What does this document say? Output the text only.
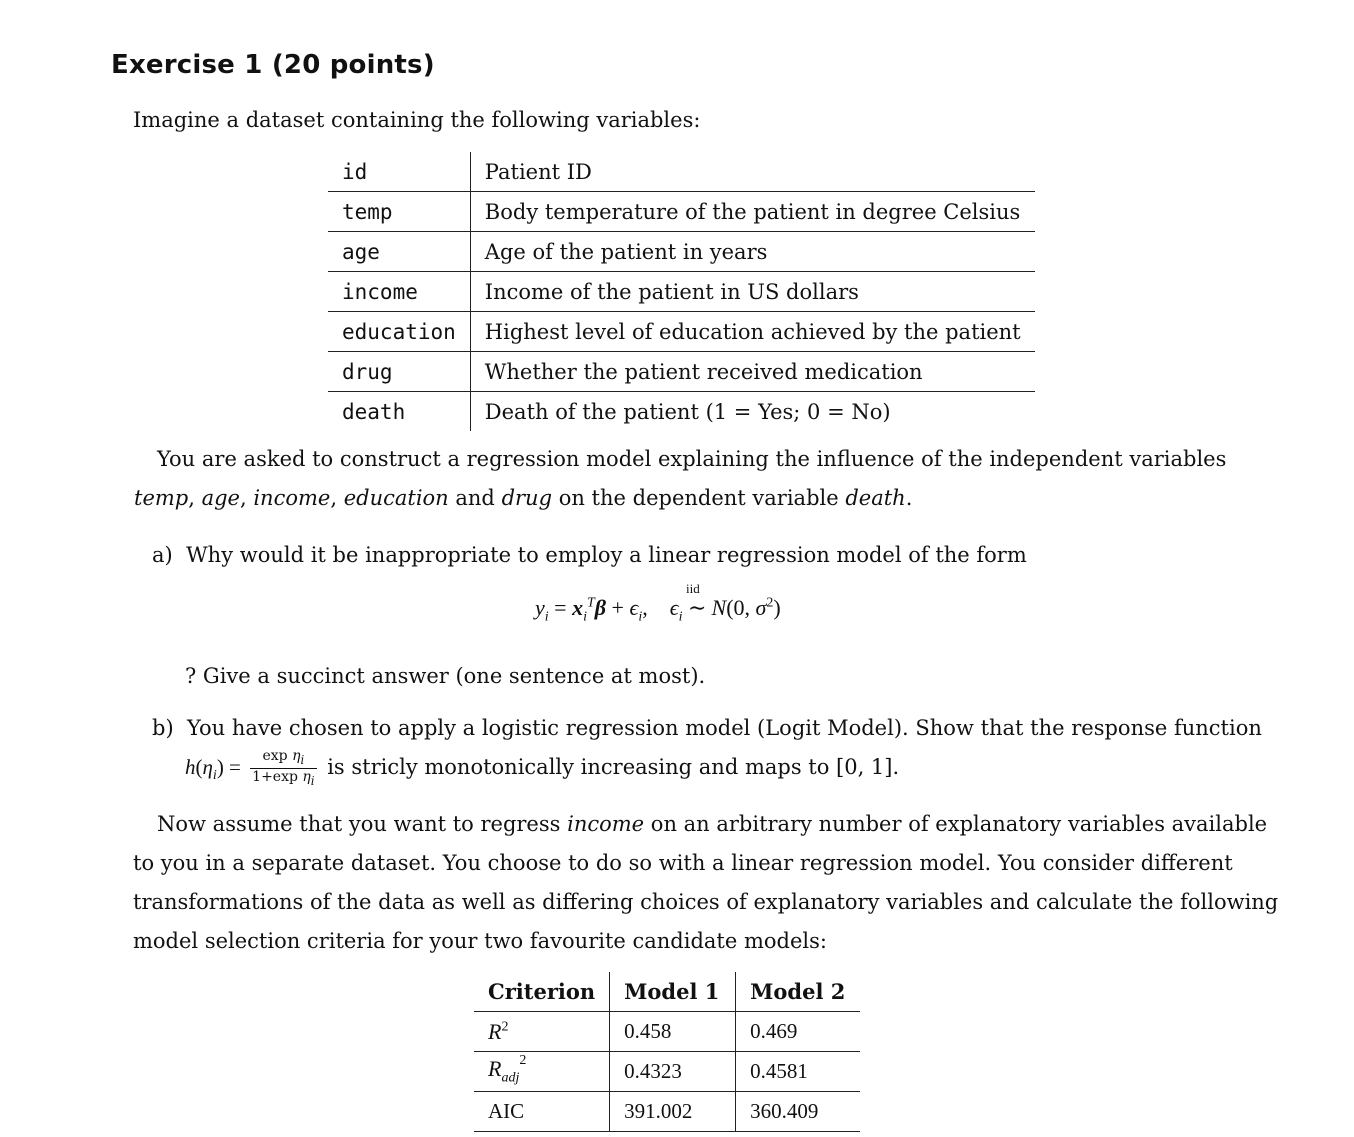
Exercise 1 (20 points)
Imagine a dataset containing the following variables:
id	Patient ID
temp	Body temperature of the patient in degree Celsius
age	Age of the patient in years
income	Income of the patient in US dollars
education	Highest level of education achieved by the patient
drug	Whether the patient received medication
death	Death of the patient (1 = Yes; 0 = No)
You are asked to construct a regression model explaining the influence of the independent variables
temp, age, income, education and drug on the dependent variable death.
a) Why would it be inappropriate to employ a linear regression model of the form
$y_i = x_i^T\beta + \epsilon_i$,    $\epsilon_i$
iid
∼ N(0, $\sigma^2$)
? Give a succinct answer (one sentence at most).
b) You have chosen to apply a logistic regression model (Logit Model). Show that the response function
$h(\eta_i) = \frac{\exp \eta_i}{1+\exp \eta_i}$ is stricly monotonically increasing and maps to [0, 1].
Now assume that you want to regress income on an arbitrary number of explanatory variables available
to you in a separate dataset. You choose to do so with a linear regression model. You consider different
transformations of the data as well as differing choices of explanatory variables and calculate the following
model selection criteria for your two favourite candidate models:
Criterion	Model 1	Model 2
$R^2$	0.458	0.469
$R_{adj}^2$	0.4323	0.4581
AIC	391.002	360.409
